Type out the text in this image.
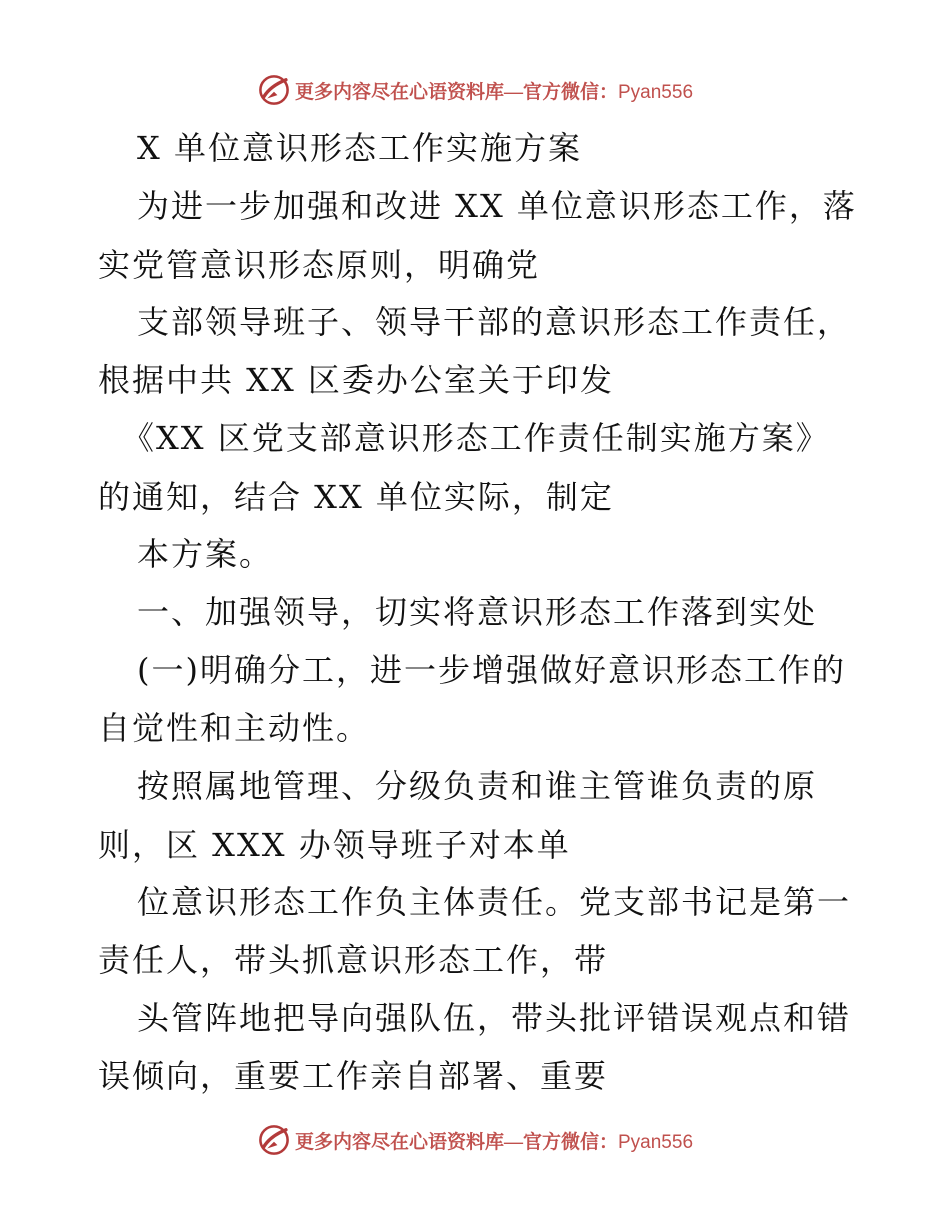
更多内容尽在心语资料库—官方微信：Pyan556
X 单位意识形态工作实施方案
为进一步加强和改进 XX 单位意识形态工作，落
实党管意识形态原则，明确党
支部领导班子、领导干部的意识形态工作责任，
根据中共 XX 区委办公室关于印发
《XX 区党支部意识形态工作责任制实施方案》
的通知，结合 XX 单位实际，制定
本方案。
一、加强领导，切实将意识形态工作落到实处
(一)明确分工，进一步增强做好意识形态工作的
自觉性和主动性。
按照属地管理、分级负责和谁主管谁负责的原
则，区 XXX 办领导班子对本单
位意识形态工作负主体责任。党支部书记是第一
责任人，带头抓意识形态工作，带
头管阵地把导向强队伍，带头批评错误观点和错
误倾向，重要工作亲自部署、重要
更多内容尽在心语资料库—官方微信：Pyan556
